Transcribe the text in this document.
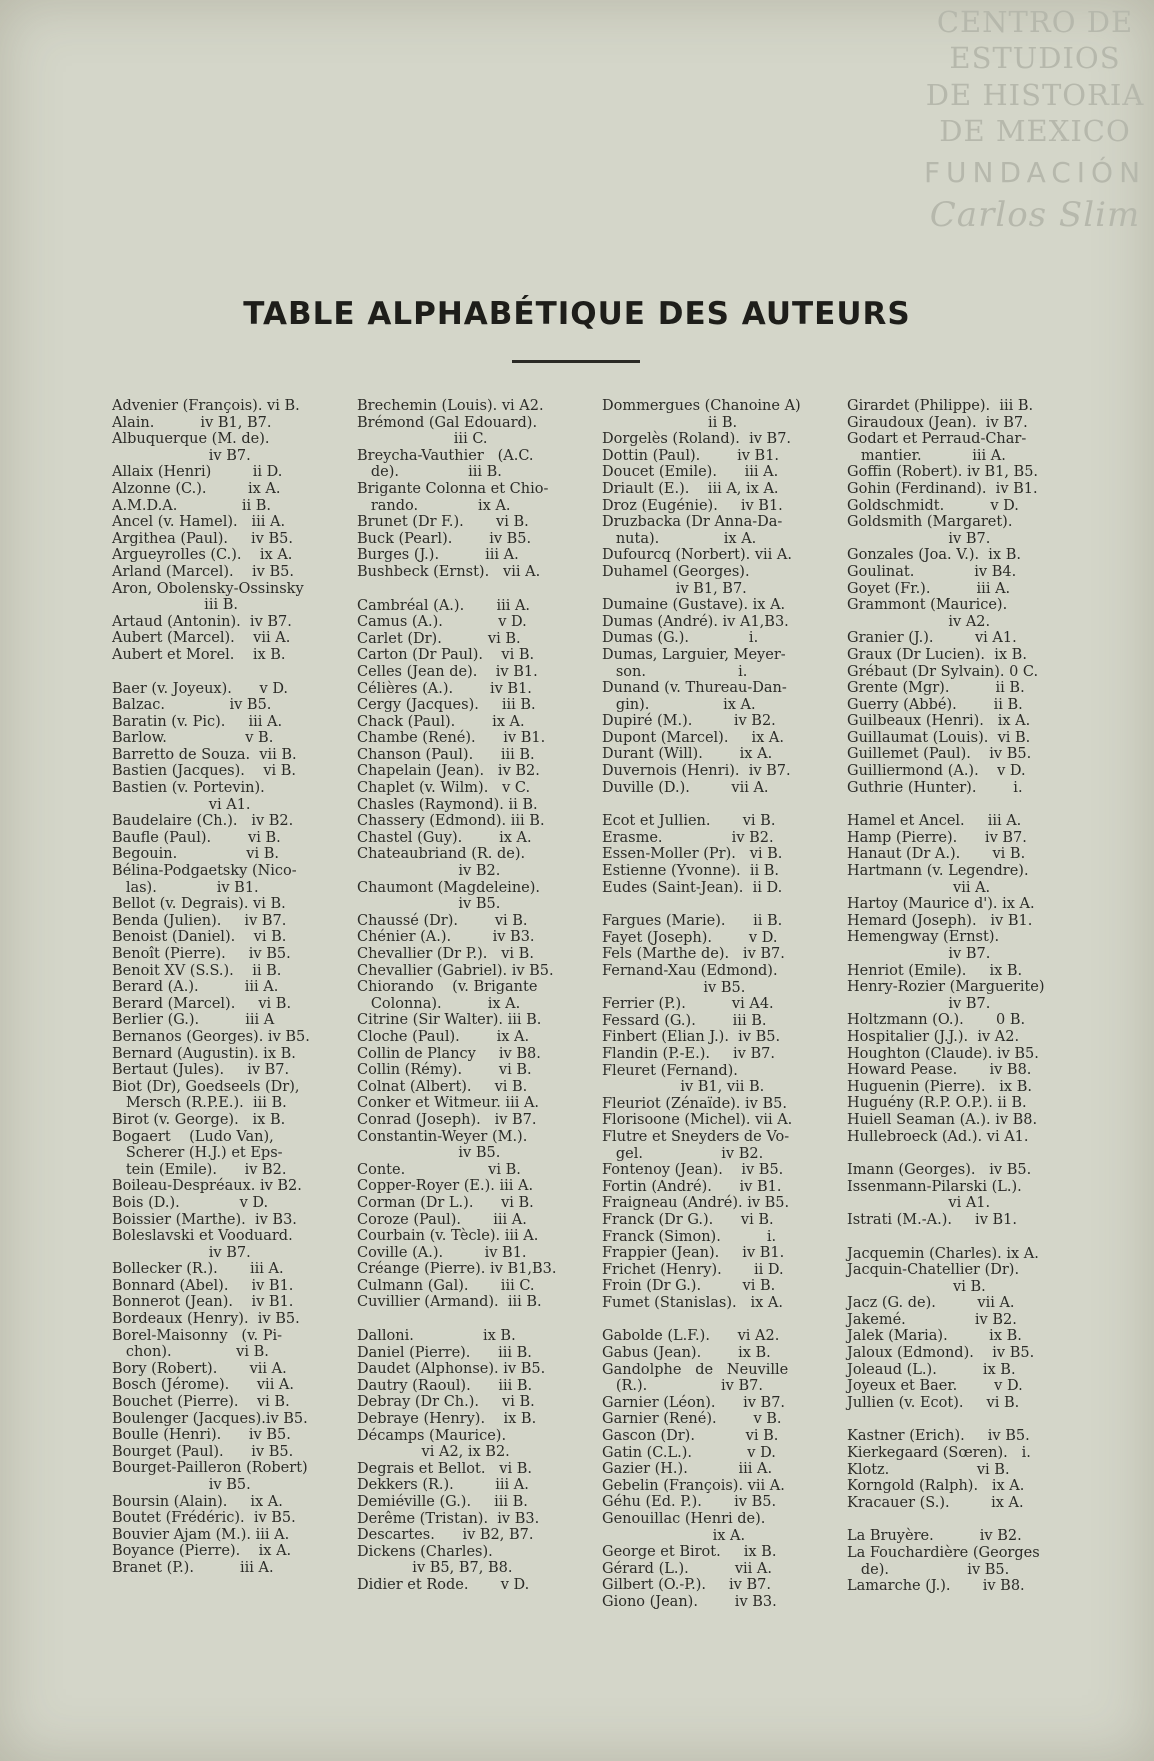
CENTRO DE
ESTUDIOS
DE HISTORIA
DE MEXICO
FUNDACIÓN
Carlos Slim
TABLE ALPHABÉTIQUE DES AUTEURS
Advenier (François). vi B.
Alain.          iv B1, B7.
Albuquerque (M. de).
iv B7.
Allaix (Henri)         ii D.
Alzonne (C.).         ix A.
A.M.D.A.              ii B.
Ancel (v. Hamel).   iii A.
Argithea (Paul).     iv B5.
Argueyrolles (C.).    ix A.
Arland (Marcel).    iv B5.
Aron, Obolensky-Ossinsky
iii B.
Artaud (Antonin).  iv B7.
Aubert (Marcel).    vii A.
Aubert et Morel.    ix B.
Baer (v. Joyeux).      v D.
Balzac.              iv B5.
Baratin (v. Pic).     iii A.
Barlow.                 v B.
Barretto de Souza.  vii B.
Bastien (Jacques).    vi B.
Bastien (v. Portevin).
vi A1.
Baudelaire (Ch.).   iv B2.
Baufle (Paul).        vi B.
Begouin.               vi B.
Bélina-Podgaetsky (Nico-
las).             iv B1.
Bellot (v. Degrais). vi B.
Benda (Julien).     iv B7.
Benoist (Daniel).    vi B.
Benoît (Pierre).     iv B5.
Benoit XV (S.S.).    ii B.
Berard (A.).          iii A.
Berard (Marcel).     vi B.
Berlier (G.).          iii A
Bernanos (Georges). iv B5.
Bernard (Augustin). ix B.
Bertaut (Jules).     iv B7.
Biot (Dr), Goedseels (Dr),
Mersch (R.P.E.).  iii B.
Birot (v. George).   ix B.
Bogaert    (Ludo Van),
Scherer (H.J.) et Eps-
tein (Emile).      iv B2.
Boileau-Despréaux. iv B2.
Bois (D.).             v D.
Boissier (Marthe).  iv B3.
Boleslavski et Vooduard.
iv B7.
Bollecker (R.).       iii A.
Bonnard (Abel).     iv B1.
Bonnerot (Jean).    iv B1.
Bordeaux (Henry).  iv B5.
Borel-Maisonny   (v. Pi-
chon).              vi B.
Bory (Robert).       vii A.
Bosch (Jérome).      vii A.
Bouchet (Pierre).    vi B.
Boulenger (Jacques).iv B5.
Boulle (Henri).      iv B5.
Bourget (Paul).      iv B5.
Bourget-Pailleron (Robert)
iv B5.
Boursin (Alain).     ix A.
Boutet (Frédéric).  iv B5.
Bouvier Ajam (M.). iii A.
Boyance (Pierre).    ix A.
Branet (P.).          iii A.
Brechemin (Louis). vi A2.
Brémond (Gal Edouard).
iii C.
Breycha-Vauthier   (A.C.
de).               iii B.
Brigante Colonna et Chio-
rando.             ix A.
Brunet (Dr F.).       vi B.
Buck (Pearl).        iv B5.
Burges (J.).          iii A.
Bushbeck (Ernst).   vii A.
Cambréal (A.).       iii A.
Camus (A.).            v D.
Carlet (Dr).          vi B.
Carton (Dr Paul).    vi B.
Celles (Jean de).    iv B1.
Célières (A.).        iv B1.
Cergy (Jacques).     iii B.
Chack (Paul).        ix A.
Chambe (René).      iv B1.
Chanson (Paul).      iii B.
Chapelain (Jean).   iv B2.
Chaplet (v. Wilm).   v C.
Chasles (Raymond). ii B.
Chassery (Edmond). iii B.
Chastel (Guy).        ix A.
Chateaubriand (R. de).
iv B2.
Chaumont (Magdeleine).
iv B5.
Chaussé (Dr).        vi B.
Chénier (A.).         iv B3.
Chevallier (Dr P.).   vi B.
Chevallier (Gabriel). iv B5.
Chiorando    (v. Brigante
Colonna).          ix A.
Citrine (Sir Walter). iii B.
Cloche (Paul).        ix A.
Collin de Plancy     iv B8.
Collin (Rémy).        vi B.
Colnat (Albert).     vi B.
Conker et Witmeur. iii A.
Conrad (Joseph).   iv B7.
Constantin-Weyer (M.).
iv B5.
Conte.                  vi B.
Copper-Royer (E.). iii A.
Corman (Dr L.).      vi B.
Coroze (Paul).       iii A.
Courbain (v. Tècle). iii A.
Coville (A.).         iv B1.
Créange (Pierre). iv B1,B3.
Culmann (Gal).       iii C.
Cuvillier (Armand).  iii B.
Dalloni.               ix B.
Daniel (Pierre).      iii B.
Daudet (Alphonse). iv B5.
Dautry (Raoul).      iii B.
Debray (Dr Ch.).     vi B.
Debraye (Henry).    ix B.
Décamps (Maurice).
vi A2, ix B2.
Degrais et Bellot.   vi B.
Dekkers (R.).         iii A.
Demiéville (G.).     iii B.
Derême (Tristan).  iv B3.
Descartes.      iv B2, B7.
Dickens (Charles).
iv B5, B7, B8.
Didier et Rode.       v D.
Dommergues (Chanoine A)
ii B.
Dorgelès (Roland).  iv B7.
Dottin (Paul).        iv B1.
Doucet (Emile).      iii A.
Driault (E.).    iii A, ix A.
Droz (Eugénie).     iv B1.
Druzbacka (Dr Anna-Da-
nuta).              ix A.
Dufourcq (Norbert). vii A.
Duhamel (Georges).
iv B1, B7.
Dumaine (Gustave). ix A.
Dumas (André). iv A1,B3.
Dumas (G.).             i.
Dumas, Larguier, Meyer-
son.                    i.
Dunand (v. Thureau-Dan-
gin).                ix A.
Dupiré (M.).         iv B2.
Dupont (Marcel).     ix A.
Durant (Will).        ix A.
Duvernois (Henri).  iv B7.
Duville (D.).         vii A.
Ecot et Jullien.       vi B.
Erasme.               iv B2.
Essen-Moller (Pr).   vi B.
Estienne (Yvonne).  ii B.
Eudes (Saint-Jean).  ii D.
Fargues (Marie).      ii B.
Fayet (Joseph).        v D.
Fels (Marthe de).   iv B7.
Fernand-Xau (Edmond).
iv B5.
Ferrier (P.).          vi A4.
Fessard (G.).        iii B.
Finbert (Elian J.).  iv B5.
Flandin (P.-E.).     iv B7.
Fleuret (Fernand).
iv B1, vii B.
Fleuriot (Zénaïde). iv B5.
Florisoone (Michel). vii A.
Flutre et Sneyders de Vo-
gel.                 iv B2.
Fontenoy (Jean).    iv B5.
Fortin (André).      iv B1.
Fraigneau (André). iv B5.
Franck (Dr G.).      vi B.
Franck (Simon).          i.
Frappier (Jean).     iv B1.
Frichet (Henry).       ii D.
Froin (Dr G.).         vi B.
Fumet (Stanislas).   ix A.
Gabolde (L.F.).      vi A2.
Gabus (Jean).        ix B.
Gandolphe   de   Neuville
(R.).                iv B7.
Garnier (Léon).      iv B7.
Garnier (René).        v B.
Gascon (Dr).           vi B.
Gatin (C.L.).            v D.
Gazier (H.).           iii A.
Gebelin (François). vii A.
Géhu (Ed. P.).       iv B5.
Genouillac (Henri de).
ix A.
George et Birot.     ix B.
Gérard (L.).          vii A.
Gilbert (O.-P.).     iv B7.
Giono (Jean).        iv B3.
Girardet (Philippe).  iii B.
Giraudoux (Jean).  iv B7.
Godart et Perraud-Char-
mantier.           iii A.
Goffin (Robert). iv B1, B5.
Gohin (Ferdinand).  iv B1.
Goldschmidt.          v D.
Goldsmith (Margaret).
iv B7.
Gonzales (Joa. V.).  ix B.
Goulinat.             iv B4.
Goyet (Fr.).          iii A.
Grammont (Maurice).
iv A2.
Granier (J.).         vi A1.
Graux (Dr Lucien).  ix B.
Grébaut (Dr Sylvain). 0 C.
Grente (Mgr).          ii B.
Guerry (Abbé).        ii B.
Guilbeaux (Henri).   ix A.
Guillaumat (Louis).  vi B.
Guillemet (Paul).    iv B5.
Guilliermond (A.).    v D.
Guthrie (Hunter).        i.
Hamel et Ancel.     iii A.
Hamp (Pierre).      iv B7.
Hanaut (Dr A.).       vi B.
Hartmann (v. Legendre).
vii A.
Hartoy (Maurice d'). ix A.
Hemard (Joseph).   iv B1.
Hemengway (Ernst).
iv B7.
Henriot (Emile).     ix B.
Henry-Rozier (Marguerite)
iv B7.
Holtzmann (O.).       0 B.
Hospitalier (J.J.).  iv A2.
Houghton (Claude). iv B5.
Howard Pease.       iv B8.
Huguenin (Pierre).   ix B.
Huguény (R.P. O.P.). ii B.
Huiell Seaman (A.). iv B8.
Hullebroeck (Ad.). vi A1.
Imann (Georges).   iv B5.
Issenmann-Pilarski (L.).
vi A1.
Istrati (M.-A.).     iv B1.
Jacquemin (Charles). ix A.
Jacquin-Chatellier (Dr).
vi B.
Jacz (G. de).         vii A.
Jakemé.               iv B2.
Jalek (Maria).         ix B.
Jaloux (Edmond).    iv B5.
Joleaud (L.).          ix B.
Joyeux et Baer.        v D.
Jullien (v. Ecot).     vi B.
Kastner (Erich).     iv B5.
Kierkegaard (Sœren).   i.
Klotz.                   vi B.
Korngold (Ralph).   ix A.
Kracauer (S.).         ix A.
La Bruyère.          iv B2.
La Fouchardière (Georges
de).                 iv B5.
Lamarche (J.).       iv B8.
